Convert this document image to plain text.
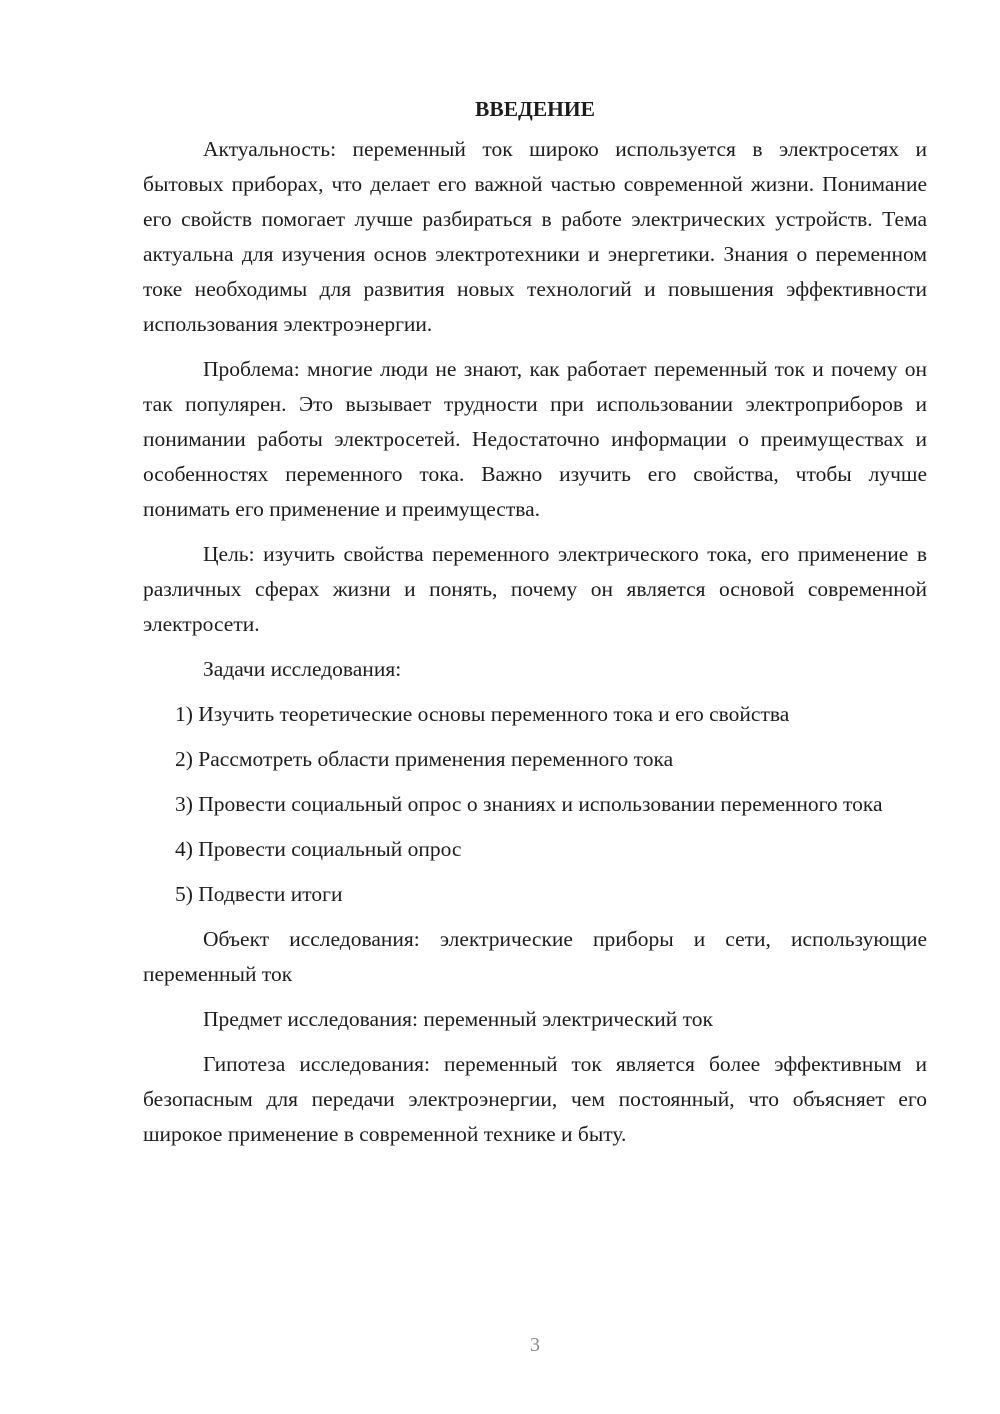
ВВЕДЕНИЕ

Актуальность: переменный ток широко используется в электросетях и бытовых приборах, что делает его важной частью современной жизни. Понимание его свойств помогает лучше разбираться в работе электрических устройств. Тема актуальна для изучения основ электротехники и энергетики. Знания о переменном токе необходимы для развития новых технологий и повышения эффективности использования электроэнергии.

Проблема: многие люди не знают, как работает переменный ток и почему он так популярен. Это вызывает трудности при использовании электроприборов и понимании работы электросетей. Недостаточно информации о преимуществах и особенностях переменного тока. Важно изучить его свойства, чтобы лучше понимать его применение и преимущества.

Цель: изучить свойства переменного электрического тока, его применение в различных сферах жизни и понять, почему он является основой современной электросети.

Задачи исследования:

1) Изучить теоретические основы переменного тока и его свойства

2) Рассмотреть области применения переменного тока

3) Провести социальный опрос о знаниях и использовании переменного тока

4) Провести социальный опрос

5) Подвести итоги

Объект исследования: электрические приборы и сети, использующие переменный ток

Предмет исследования: переменный электрический ток

Гипотеза исследования: переменный ток является более эффективным и безопасным для передачи электроэнергии, чем постоянный, что объясняет его широкое применение в современной технике и быту.

3
